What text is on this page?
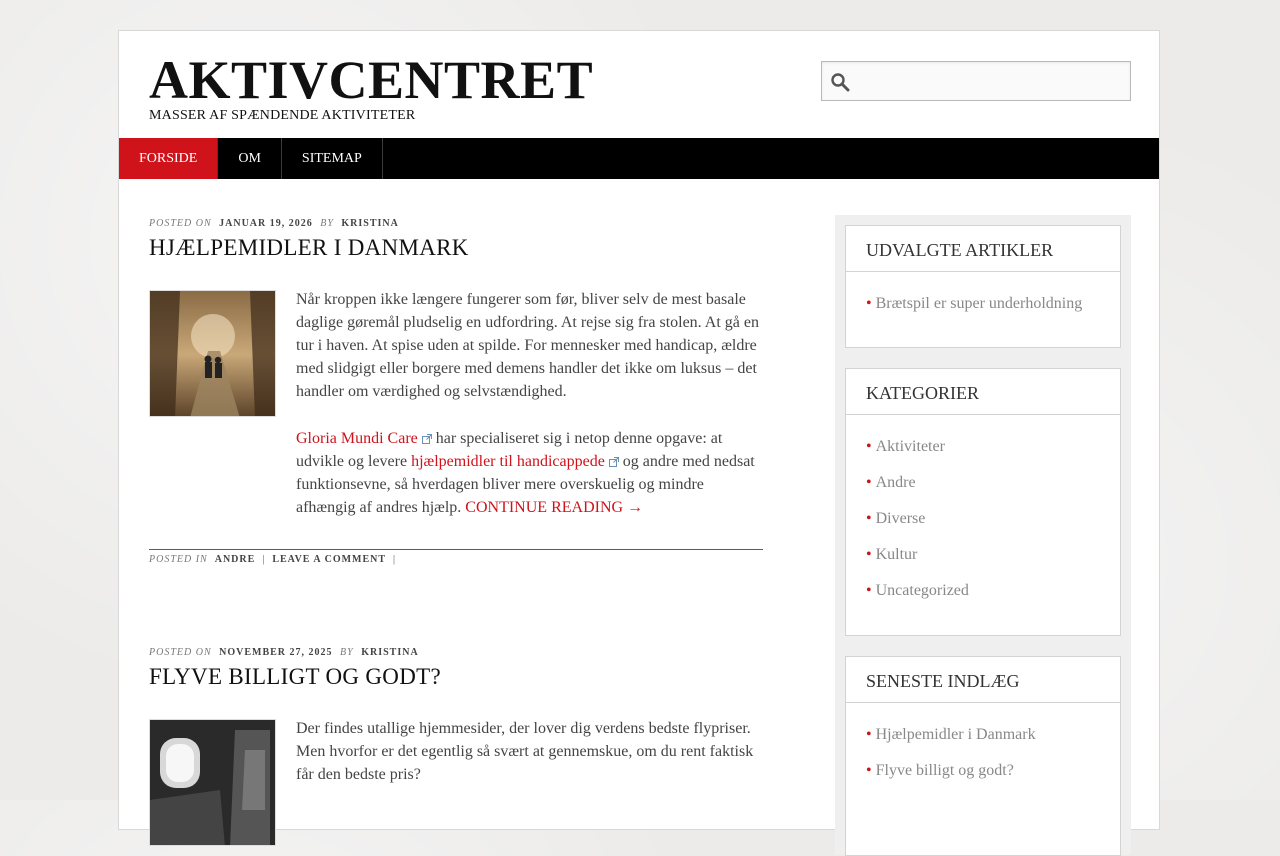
AKTIVCENTRET
MASSER AF SPÆNDENDE AKTIVITETER
FORSIDE	OM	SITEMAP
POSTED ON JANUAR 19, 2026 BY KRISTINA
HJÆLPEMIDLER I DANMARK

Når kroppen ikke længere fungerer som før, bliver selv de mest basale daglige gøremål pludselig en udfordring. At rejse sig fra stolen. At gå en tur i haven. At spise uden at spilde. For mennesker med handicap, ældre med slidgigt eller borgere med demens handler det ikke om luksus – det handler om værdighed og selvstændighed.

Gloria Mundi Care har specialiseret sig i netop denne opgave: at udvikle og levere hjælpemidler til handicappede og andre med nedsat funktionsevne, så hverdagen bliver mere overskuelig og mindre afhængig af andres hjælp. CONTINUE READING →

POSTED IN ANDRE | LEAVE A COMMENT |
POSTED ON NOVEMBER 27, 2025 BY KRISTINA
FLYVE BILLIGT OG GODT?

Der findes utallige hjemmesider, der lover dig verdens bedste flypriser. Men hvorfor er det egentlig så svært at gennemskue, om du rent faktisk får den bedste pris?

UDVALGTE ARTIKLER
• Brætspil er super underholdning
KATEGORIER
• Aktiviteter
• Andre
• Diverse
• Kultur
• Uncategorized
SENESTE INDLÆG
• Hjælpemidler i Danmark
• Flyve billigt og godt?
